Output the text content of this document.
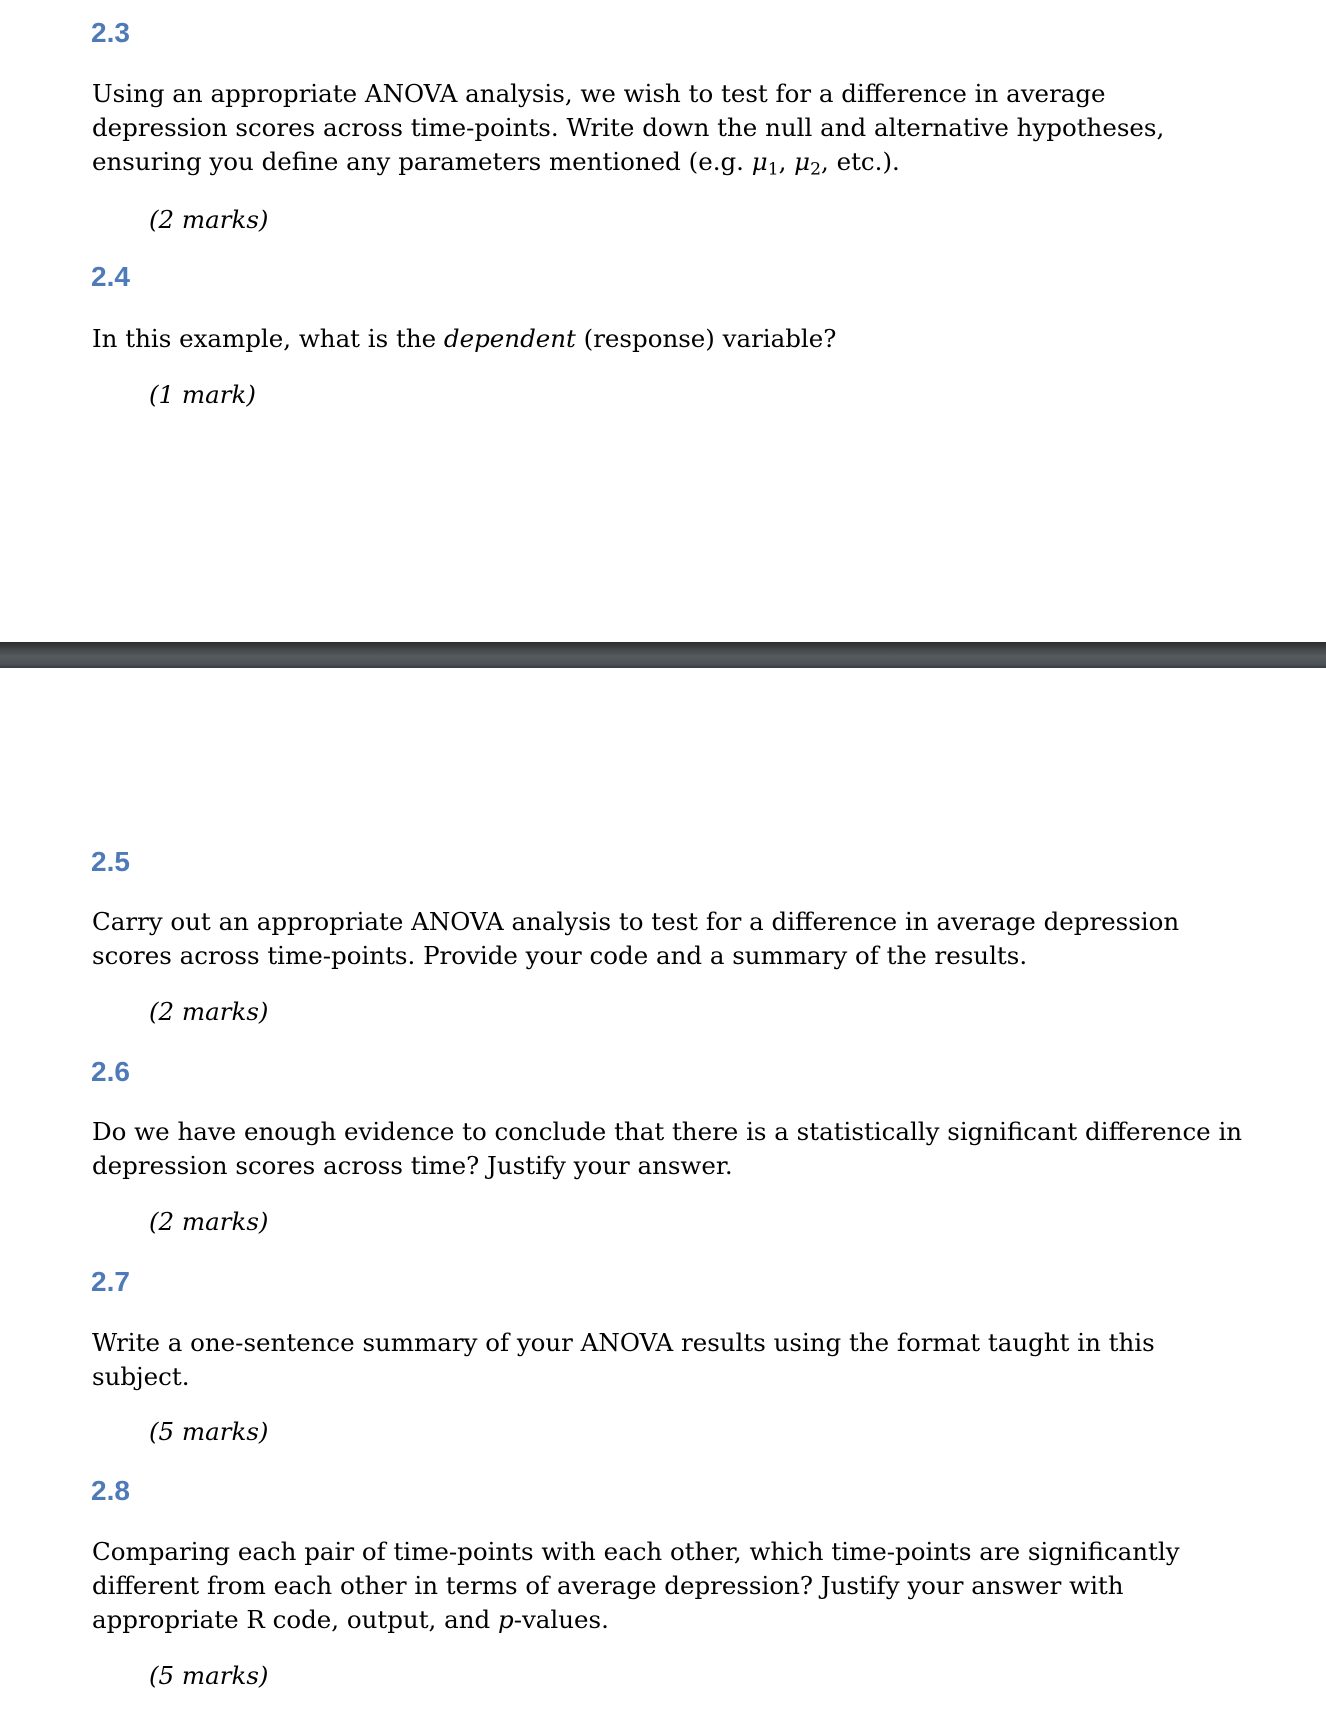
2.3

Using an appropriate ANOVA analysis, we wish to test for a difference in average
depression scores across time-points. Write down the null and alternative hypotheses,
ensuring you define any parameters mentioned (e.g. $\mu_1$, $\mu_2$, etc.).

(2 marks)

2.4

In this example, what is the dependent (response) variable?

(1 mark)

2.5

Carry out an appropriate ANOVA analysis to test for a difference in average depression
scores across time-points. Provide your code and a summary of the results.

(2 marks)

2.6

Do we have enough evidence to conclude that there is a statistically significant difference in
depression scores across time? Justify your answer.

(2 marks)

2.7

Write a one-sentence summary of your ANOVA results using the format taught in this
subject.

(5 marks)

2.8

Comparing each pair of time-points with each other, which time-points are significantly
different from each other in terms of average depression? Justify your answer with
appropriate R code, output, and p-values.

(5 marks)
